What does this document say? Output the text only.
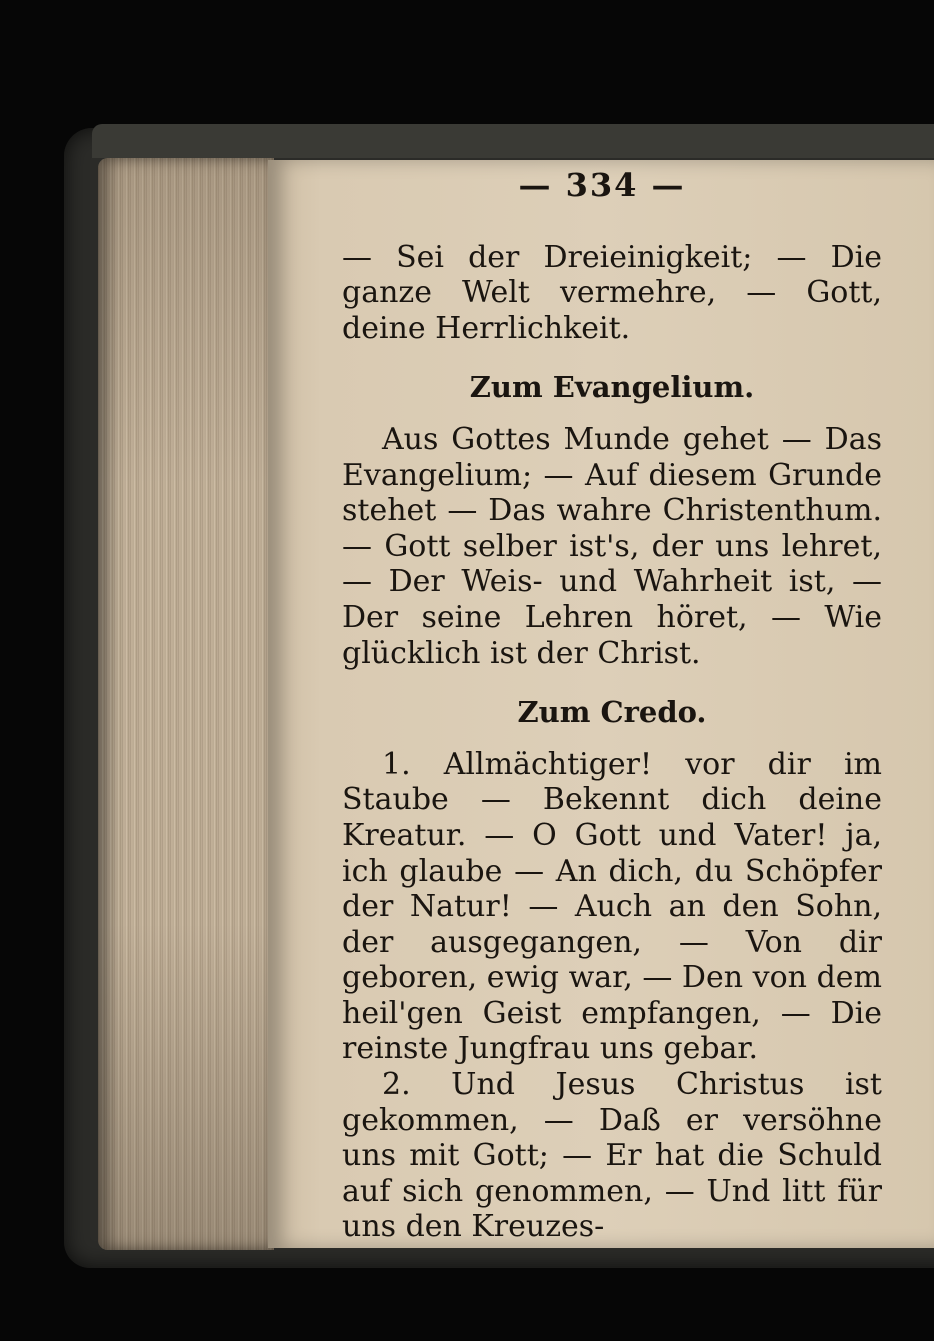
— 334 —

— Sei der Dreieinigkeit; — Die ganze Welt vermehre, — Gott, deine Herrlichkeit.

Zum Evangelium.

Aus Gottes Munde gehet — Das Evangelium; — Auf diesem Grunde stehet — Das wahre Christenthum. — Gott selber ist's, der uns lehret, — Der Weis- und Wahrheit ist, — Der seine Lehren höret, — Wie glücklich ist der Christ.

Zum Credo.

1. Allmächtiger! vor dir im Staube — Bekennt dich deine Kreatur. — O Gott und Vater! ja, ich glaube — An dich, du Schöpfer der Natur! — Auch an den Sohn, der ausgegangen, — Von dir geboren, ewig war, — Den von dem heil'gen Geist empfangen, — Die reinste Jungfrau uns gebar.

2. Und Jesus Christus ist gekommen, — Daß er versöhne uns mit Gott; — Er hat die Schuld auf sich genommen, — Und litt für uns den Kreuzes-
